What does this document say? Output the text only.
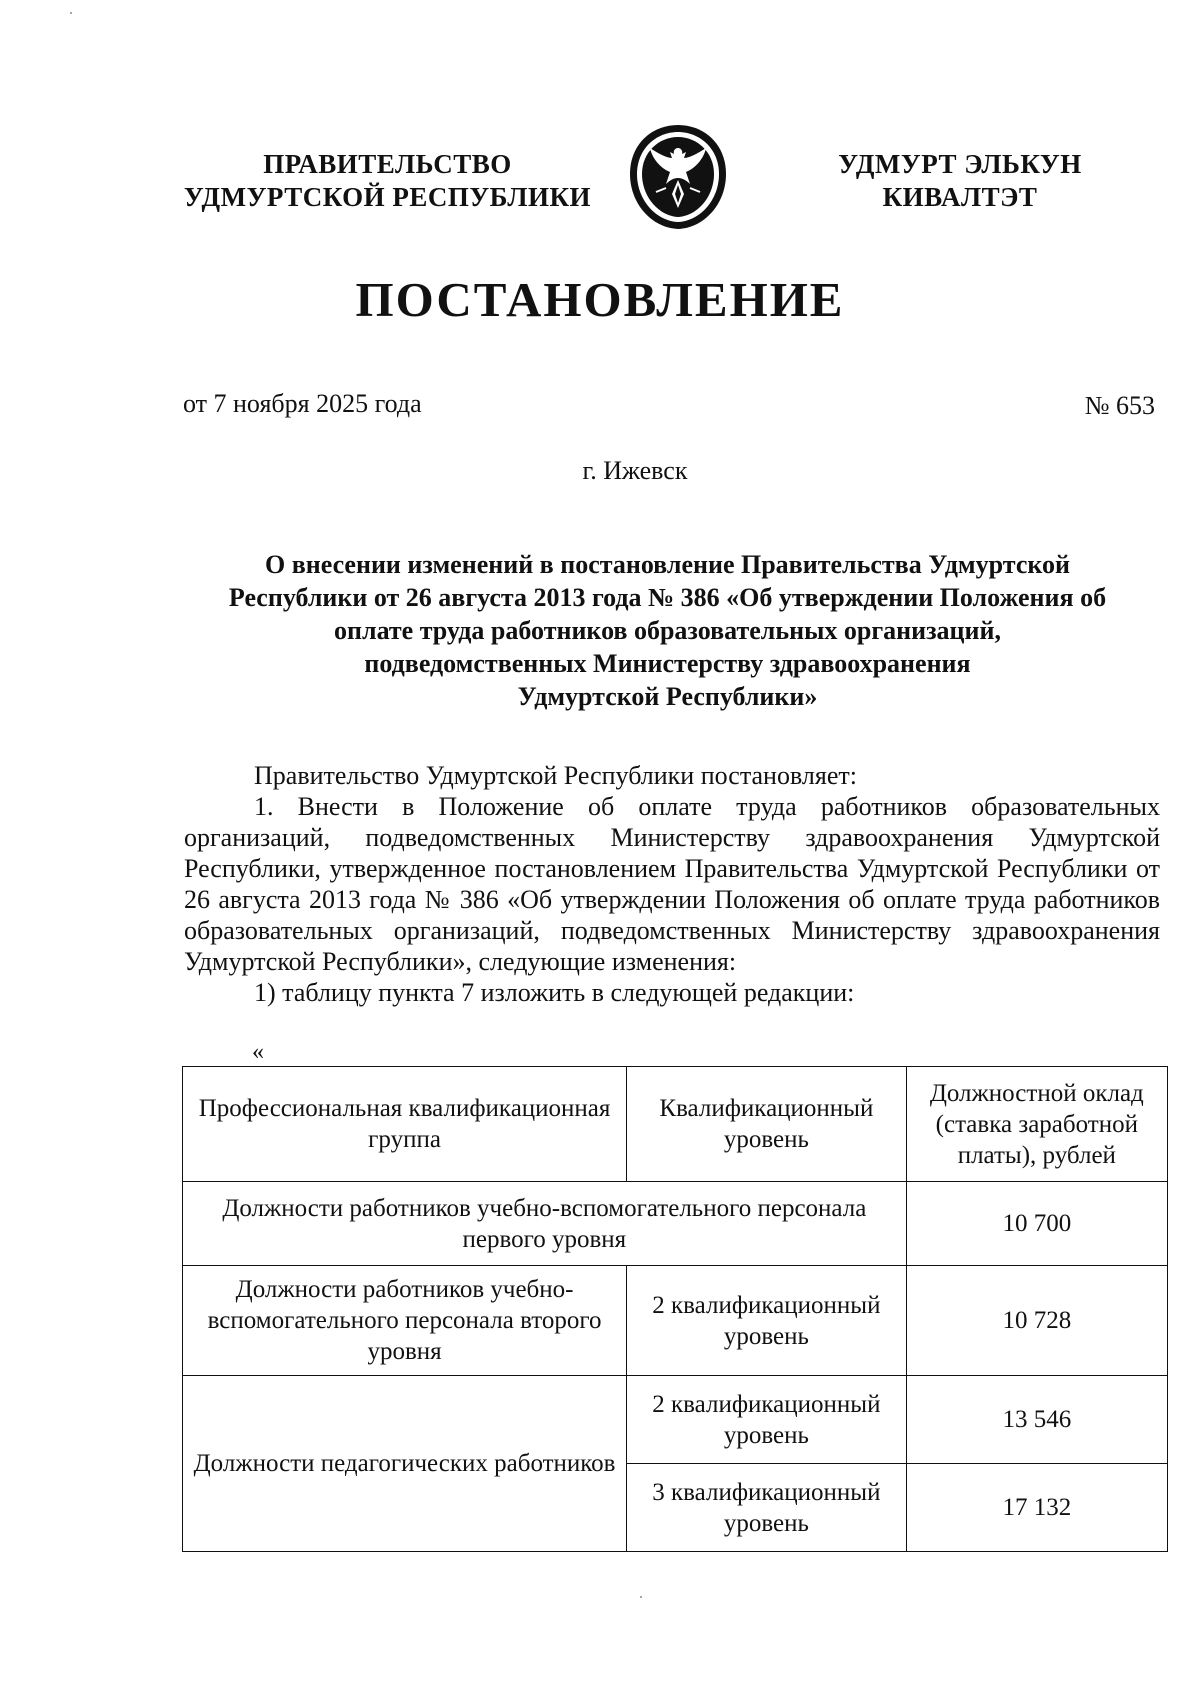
ПРАВИТЕЛЬСТВО
УДМУРТСКОЙ РЕСПУБЛИКИ
УДМУРТ ЭЛЬКУН
КИВАЛТЭТ
ПОСТАНОВЛЕНИЕ
от 7 ноября 2025 года	№ 653
г. Ижевск
О внесении изменений в постановление Правительства Удмуртской
Республики от 26 августа 2013 года № 386 «Об утверждении Положения об
оплате труда работников образовательных организаций,
подведомственных Министерству здравоохранения
Удмуртской Республики»

Правительство Удмуртской Республики постановляет:

1. Внести в Положение об оплате труда работников образовательных организаций, подведомственных Министерству здравоохранения Удмуртской Республики, утвержденное постановлением Правительства Удмуртской Республики от 26 августа 2013 года № 386 «Об утверждении Положения об оплате труда работников образовательных организаций, подведомственных Министерству здравоохранения Удмуртской Республики», следующие изменения:

1) таблицу пункта 7 изложить в следующей редакции:

«
Профессиональная квалификационная группа	Квалификационный уровень	Должностной оклад (ставка заработной платы), рублей
Должности работников учебно-вспомогательного персонала первого уровня		10 700
Должности работников учебно-вспомогательного персонала второго уровня	2 квалификационный уровень	10 728
Должности педагогических работников	2 квалификационный уровень	13 546
	3 квалификационный уровень	17 132
